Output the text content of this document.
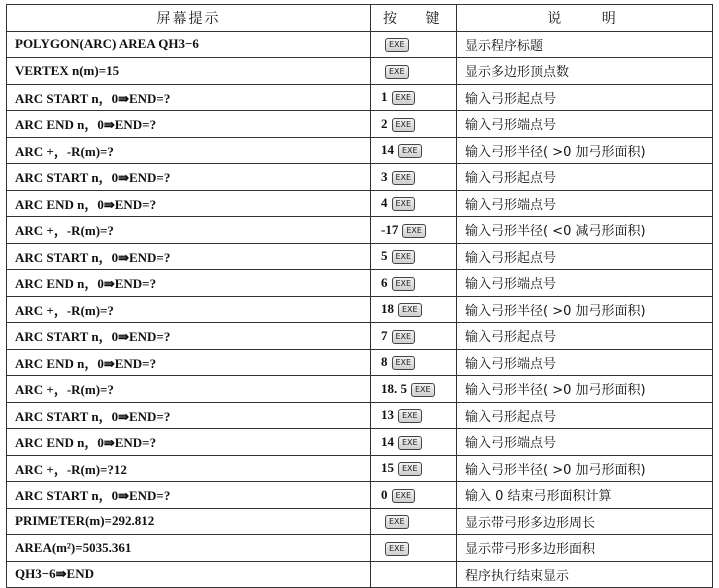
屏幕提示	按 键	说 明
POLYGON(ARC) AREA QH3−6	EXE	显示程序标题
VERTEX n(m)=15	EXE	显示多边形顶点数
ARC START n，0⇛END=?	1 EXE	输入弓形起点号
ARC END n，0⇛END=?	2 EXE	输入弓形端点号
ARC +，-R(m)=?	14 EXE	输入弓形半径( >0 加弓形面积)
ARC START n，0⇛END=?	3 EXE	输入弓形起点号
ARC END n，0⇛END=?	4 EXE	输入弓形端点号
ARC +，-R(m)=?	-17 EXE	输入弓形半径( <0 减弓形面积)
ARC START n，0⇛END=?	5 EXE	输入弓形起点号
ARC END n，0⇛END=?	6 EXE	输入弓形端点号
ARC +，-R(m)=?	18 EXE	输入弓形半径( >0 加弓形面积)
ARC START n，0⇛END=?	7 EXE	输入弓形起点号
ARC END n，0⇛END=?	8 EXE	输入弓形端点号
ARC +，-R(m)=?	18. 5 EXE	输入弓形半径( >0 加弓形面积)
ARC START n，0⇛END=?	13 EXE	输入弓形起点号
ARC END n，0⇛END=?	14 EXE	输入弓形端点号
ARC +，-R(m)=?12	15 EXE	输入弓形半径( >0 加弓形面积)
ARC START n，0⇛END=?	0 EXE	输入 0 结束弓形面积计算
PRIMETER(m)=292.812	EXE	显示带弓形多边形周长
AREA(m²)=5035.361	EXE	显示带弓形多边形面积
QH3−6⇛END		程序执行结束显示
